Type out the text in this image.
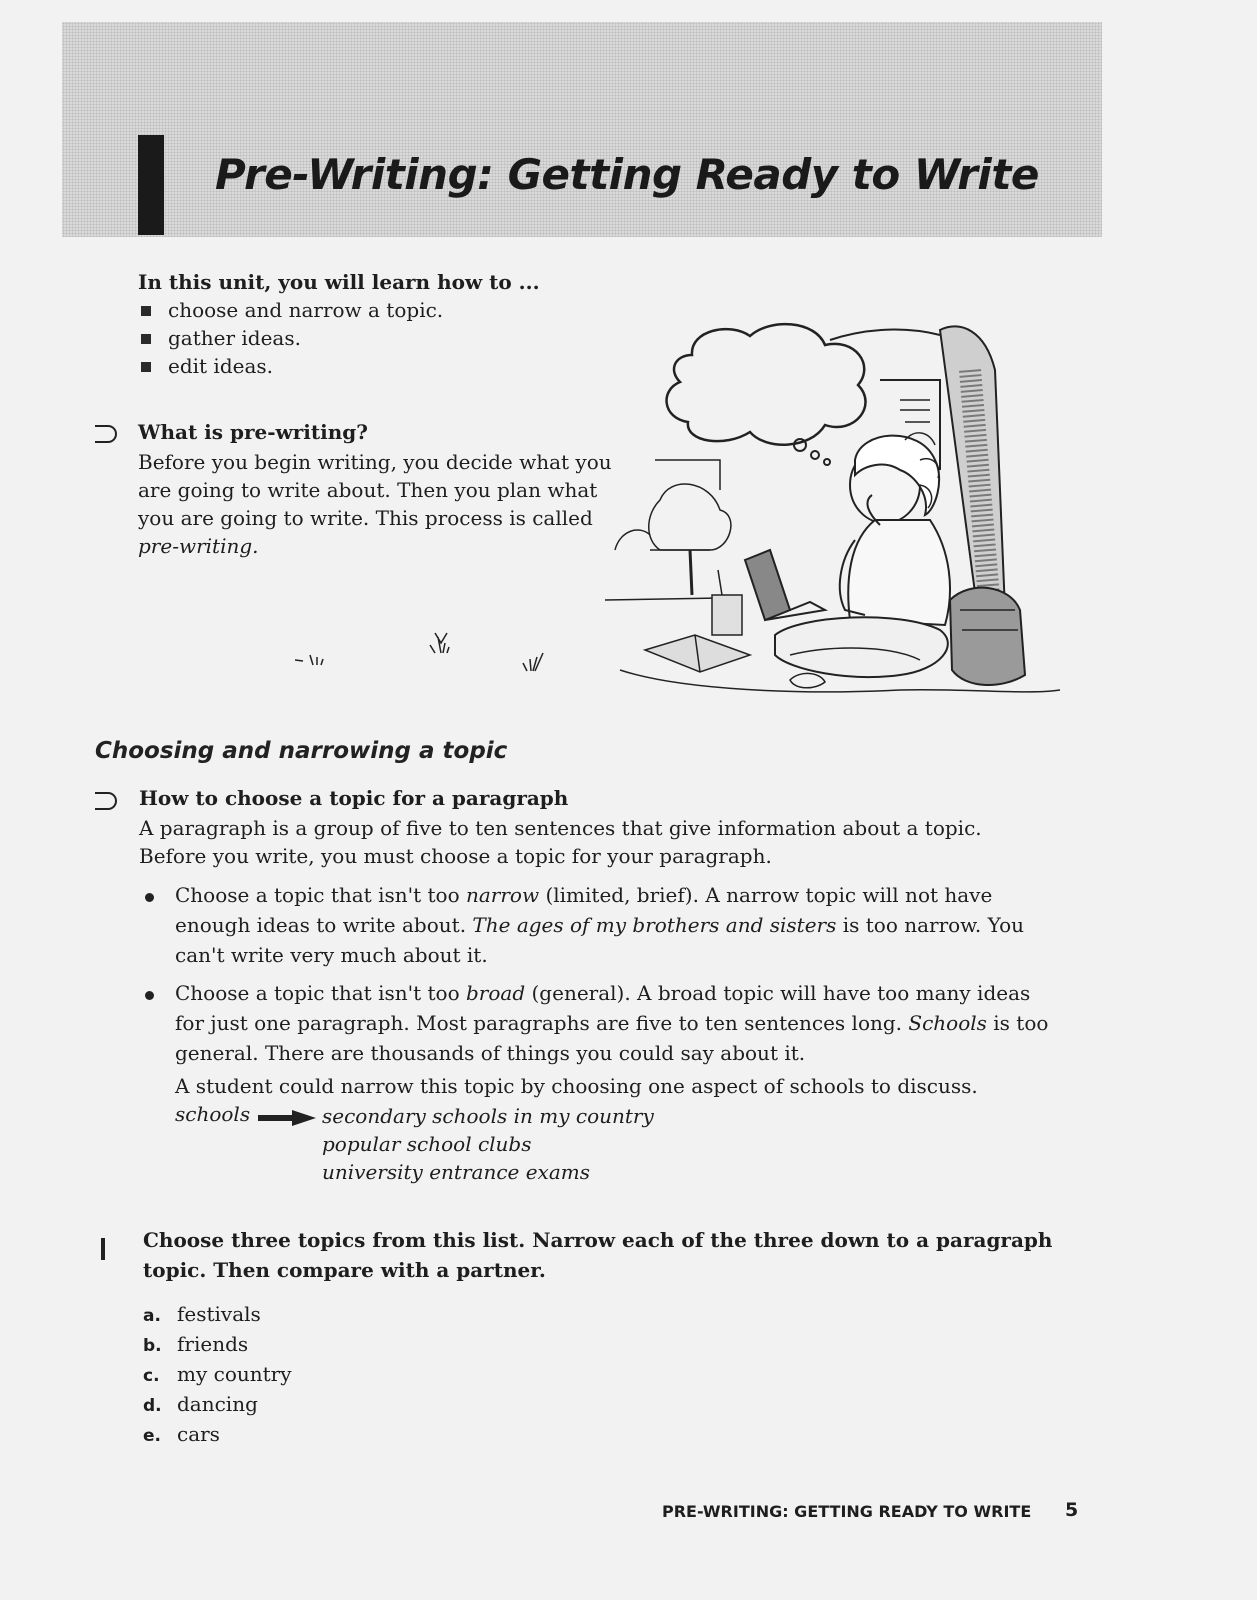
Pre-Writing: Getting Ready to Write
In this unit, you will learn how to ...
choose and narrow a topic.
gather ideas.
edit ideas.
What is pre-writing?
Before you begin writing, you decide what you are going to write about. Then you plan what you are going to write. This process is called pre-writing.
Choosing and narrowing a topic
How to choose a topic for a paragraph
A paragraph is a group of five to ten sentences that give information about a topic. Before you write, you must choose a topic for your paragraph.
Choose a topic that isn't too narrow (limited, brief). A narrow topic will not have enough ideas to write about. The ages of my brothers and sisters is too narrow. You can't write very much about it.
Choose a topic that isn't too broad (general). A broad topic will have too many ideas for just one paragraph. Most paragraphs are five to ten sentences long. Schools is too general. There are thousands of things you could say about it.
A student could narrow this topic by choosing one aspect of schools to discuss.
schools	secondary schools in my country
popular school clubs
university entrance exams
Choose three topics from this list. Narrow each of the three down to a paragraph topic. Then compare with a partner.
a. festivals
b. friends
c. my country
d. dancing
e. cars
PRE-WRITING: GETTING READY TO WRITE 5
